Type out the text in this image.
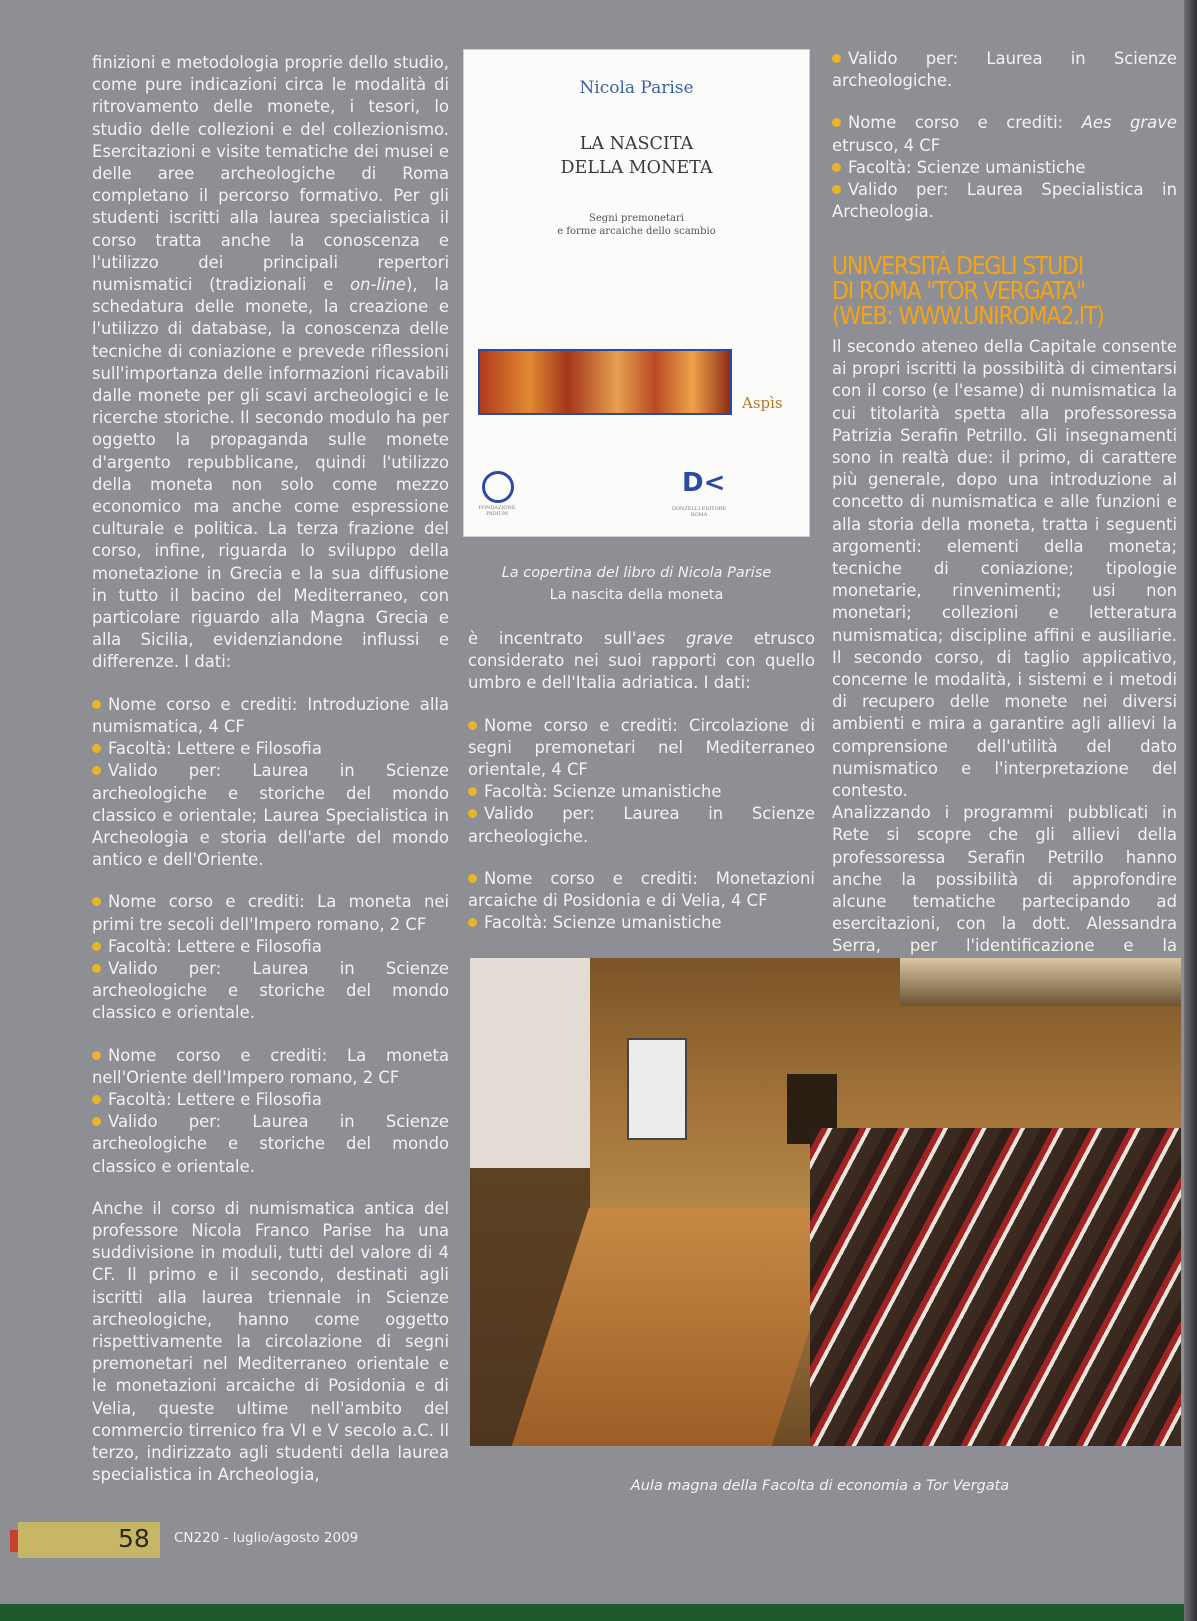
finizioni e metodologia proprie dello studio, come pure indicazioni circa le modalità di ritrovamento delle monete, i tesori, lo studio delle collezioni e del collezionismo. Esercitazioni e visite tematiche dei musei e delle aree archeologiche di Roma completano il percorso formativo. Per gli studenti iscritti alla laurea specialistica il corso tratta anche la conoscenza e l'utilizzo dei principali repertori numismatici (tradizionali e on-line), la schedatura delle monete, la creazione e l'utilizzo di database, la conoscenza delle tecniche di coniazione e prevede riflessioni sull'importanza delle informazioni ricavabili dalle monete per gli scavi archeologici e le ricerche storiche. Il secondo modulo ha per oggetto la propaganda sulle monete d'argento repubblicane, quindi l'utilizzo della moneta non solo come mezzo economico ma anche come espressione culturale e politica. La terza frazione del corso, infine, riguarda lo sviluppo della monetazione in Grecia e la sua diffusione in tutto il bacino del Mediterraneo, con particolare riguardo alla Magna Grecia e alla Sicilia, evidenziandone influssi e differenze. I dati:

Nome corso e crediti: Introduzione alla numismatica, 4 CF
Facoltà: Lettere e Filosofia
Valido per: Laurea in Scienze archeologiche e storiche del mondo classico e orientale; Laurea Specialistica in Archeologia e storia dell'arte del mondo antico e dell'Oriente.
Nome corso e crediti: La moneta nei primi tre secoli dell'Impero romano, 2 CF
Facoltà: Lettere e Filosofia
Valido per: Laurea in Scienze archeologiche e storiche del mondo classico e orientale.
Nome corso e crediti: La moneta nell'Oriente dell'Impero romano, 2 CF
Facoltà: Lettere e Filosofia
Valido per: Laurea in Scienze archeologiche e storiche del mondo classico e orientale.

Anche il corso di numismatica antica del professore Nicola Franco Parise ha una suddivisione in moduli, tutti del valore di 4 CF. Il primo e il secondo, destinati agli iscritti alla laurea triennale in Scienze archeologiche, hanno come oggetto rispettivamente la circolazione di segni premonetari nel Mediterraneo orientale e le monetazioni arcaiche di Posidonia e di Velia, queste ultime nell'ambito del commercio tirrenico fra VI e V secolo a.C. Il terzo, indirizzato agli studenti della laurea specialistica in Archeologia,

Nicola Parise
LA NASCITA
DELLA MONETA
Segni premonetari
e forme arcaiche dello scambio
Aspìs
FONDAZIONE PADIUM
D<
DONZELLI EDITORE ROMA
La copertina del libro di Nicola Parise
La nascita della moneta

è incentrato sull'aes grave etrusco considerato nei suoi rapporti con quello umbro e dell'Italia adriatica. I dati:

Nome corso e crediti: Circolazione di segni premonetari nel Mediterraneo orientale, 4 CF
Facoltà: Scienze umanistiche
Valido per: Laurea in Scienze archeologiche.
Nome corso e crediti: Monetazioni arcaiche di Posidonia e di Velia, 4 CF
Facoltà: Scienze umanistiche
Valido per: Laurea in Scienze archeologiche.
Nome corso e crediti: Aes grave etrusco, 4 CF
Facoltà: Scienze umanistiche
Valido per: Laurea Specialistica in Archeologia.
UNIVERSITÀ DEGLI STUDI
DI ROMA "TOR VERGATA"
(WEB: WWW.UNIROMA2.IT)

Il secondo ateneo della Capitale consente ai propri iscritti la possibilità di cimentarsi con il corso (e l'esame) di numismatica la cui titolarità spetta alla professoressa Patrizia Serafin Petrillo. Gli insegnamenti sono in realtà due: il primo, di carattere più generale, dopo una introduzione al concetto di numismatica e alle funzioni e alla storia della moneta, tratta i seguenti argomenti: elementi della moneta; tecniche di coniazione; tipologie monetarie, rinvenimenti; usi non monetari; collezioni e letteratura numismatica; discipline affini e ausiliarie. Il secondo corso, di taglio applicativo, concerne le modalità, i sistemi e i metodi di recupero delle monete nei diversi ambienti e mira a garantire agli allievi la comprensione dell'utilità del dato numismatico e l'interpretazione del contesto.

Analizzando i programmi pubblicati in Rete si scopre che gli allievi della professoressa Serafin Petrillo hanno anche la possibilità di approfondire alcune tematiche partecipando ad esercitazioni, con la dott. Alessandra Serra, per l'identificazione e la

Aula magna della Facolta di economia a Tor Vergata
58 CN220 - luglio/agosto 2009
